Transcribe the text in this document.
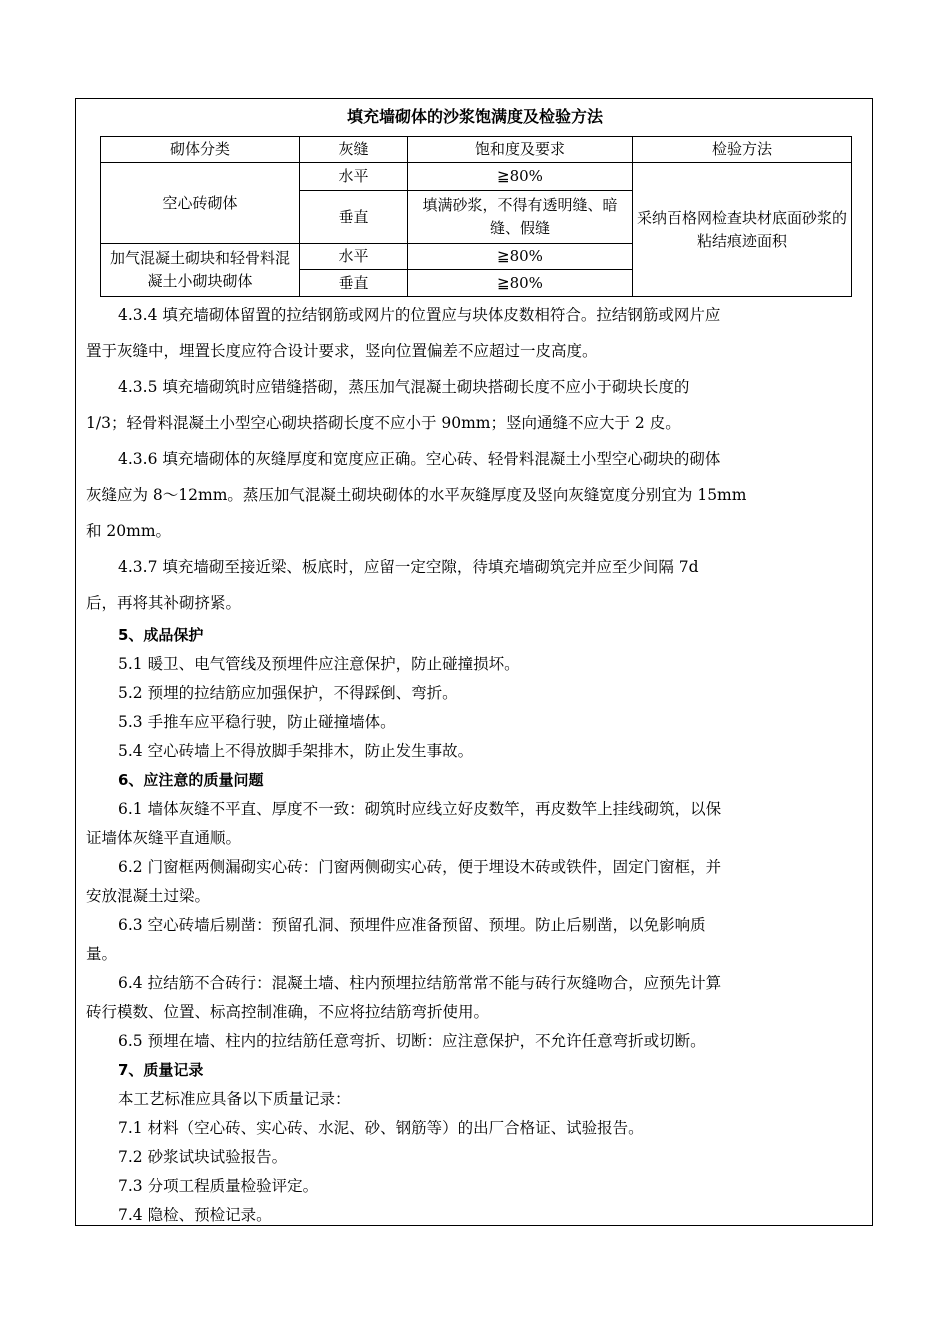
填充墙砌体的沙浆饱满度及检验方法
砌体分类	灰缝	饱和度及要求	检验方法
空心砖砌体	水平	≧80%	采纳百格网检查块材底面砂浆的粘结痕迹面积
	垂直	填满砂浆，不得有透明缝、暗缝、假缝	
加气混凝土砌块和轻骨料混凝土小砌块砌体	水平	≧80%	
	垂直	≧80%	

4.3.4 填充墙砌体留置的拉结钢筋或网片的位置应与块体皮数相符合。拉结钢筋或网片应

置于灰缝中，埋置长度应符合设计要求，竖向位置偏差不应超过一皮高度。

4.3.5 填充墙砌筑时应错缝搭砌，蒸压加气混凝土砌块搭砌长度不应小于砌块长度的

1/3；轻骨料混凝土小型空心砌块搭砌长度不应小于 90mm；竖向通缝不应大于 2 皮。

4.3.6 填充墙砌体的灰缝厚度和宽度应正确。空心砖、轻骨料混凝土小型空心砌块的砌体

灰缝应为 8～12mm。蒸压加气混凝土砌块砌体的水平灰缝厚度及竖向灰缝宽度分别宜为 15mm

和 20mm。

4.3.7 填充墙砌至接近梁、板底时，应留一定空隙，待填充墙砌筑完并应至少间隔 7d

后，再将其补砌挤紧。

5、成品保护

5.1 暖卫、电气管线及预埋件应注意保护，防止碰撞损坏。

5.2 预埋的拉结筋应加强保护，不得踩倒、弯折。

5.3 手推车应平稳行驶，防止碰撞墙体。

5.4 空心砖墙上不得放脚手架排木，防止发生事故。

6、应注意的质量问题

6.1 墙体灰缝不平直、厚度不一致：砌筑时应线立好皮数竿，再皮数竿上挂线砌筑，以保

证墙体灰缝平直通顺。

6.2 门窗框两侧漏砌实心砖：门窗两侧砌实心砖，便于埋设木砖或铁件，固定门窗框，并

安放混凝土过梁。

6.3 空心砖墙后剔凿：预留孔洞、预埋件应准备预留、预埋。防止后剔凿，以免影响质

量。

6.4 拉结筋不合砖行：混凝土墙、柱内预埋拉结筋常常不能与砖行灰缝吻合，应预先计算

砖行模数、位置、标高控制准确，不应将拉结筋弯折使用。

6.5 预埋在墙、柱内的拉结筋任意弯折、切断：应注意保护，不允许任意弯折或切断。

7、质量记录

本工艺标准应具备以下质量记录：

7.1 材料（空心砖、实心砖、水泥、砂、钢筋等）的出厂合格证、试验报告。

7.2 砂浆试块试验报告。

7.3 分项工程质量检验评定。

7.4 隐检、预检记录。
